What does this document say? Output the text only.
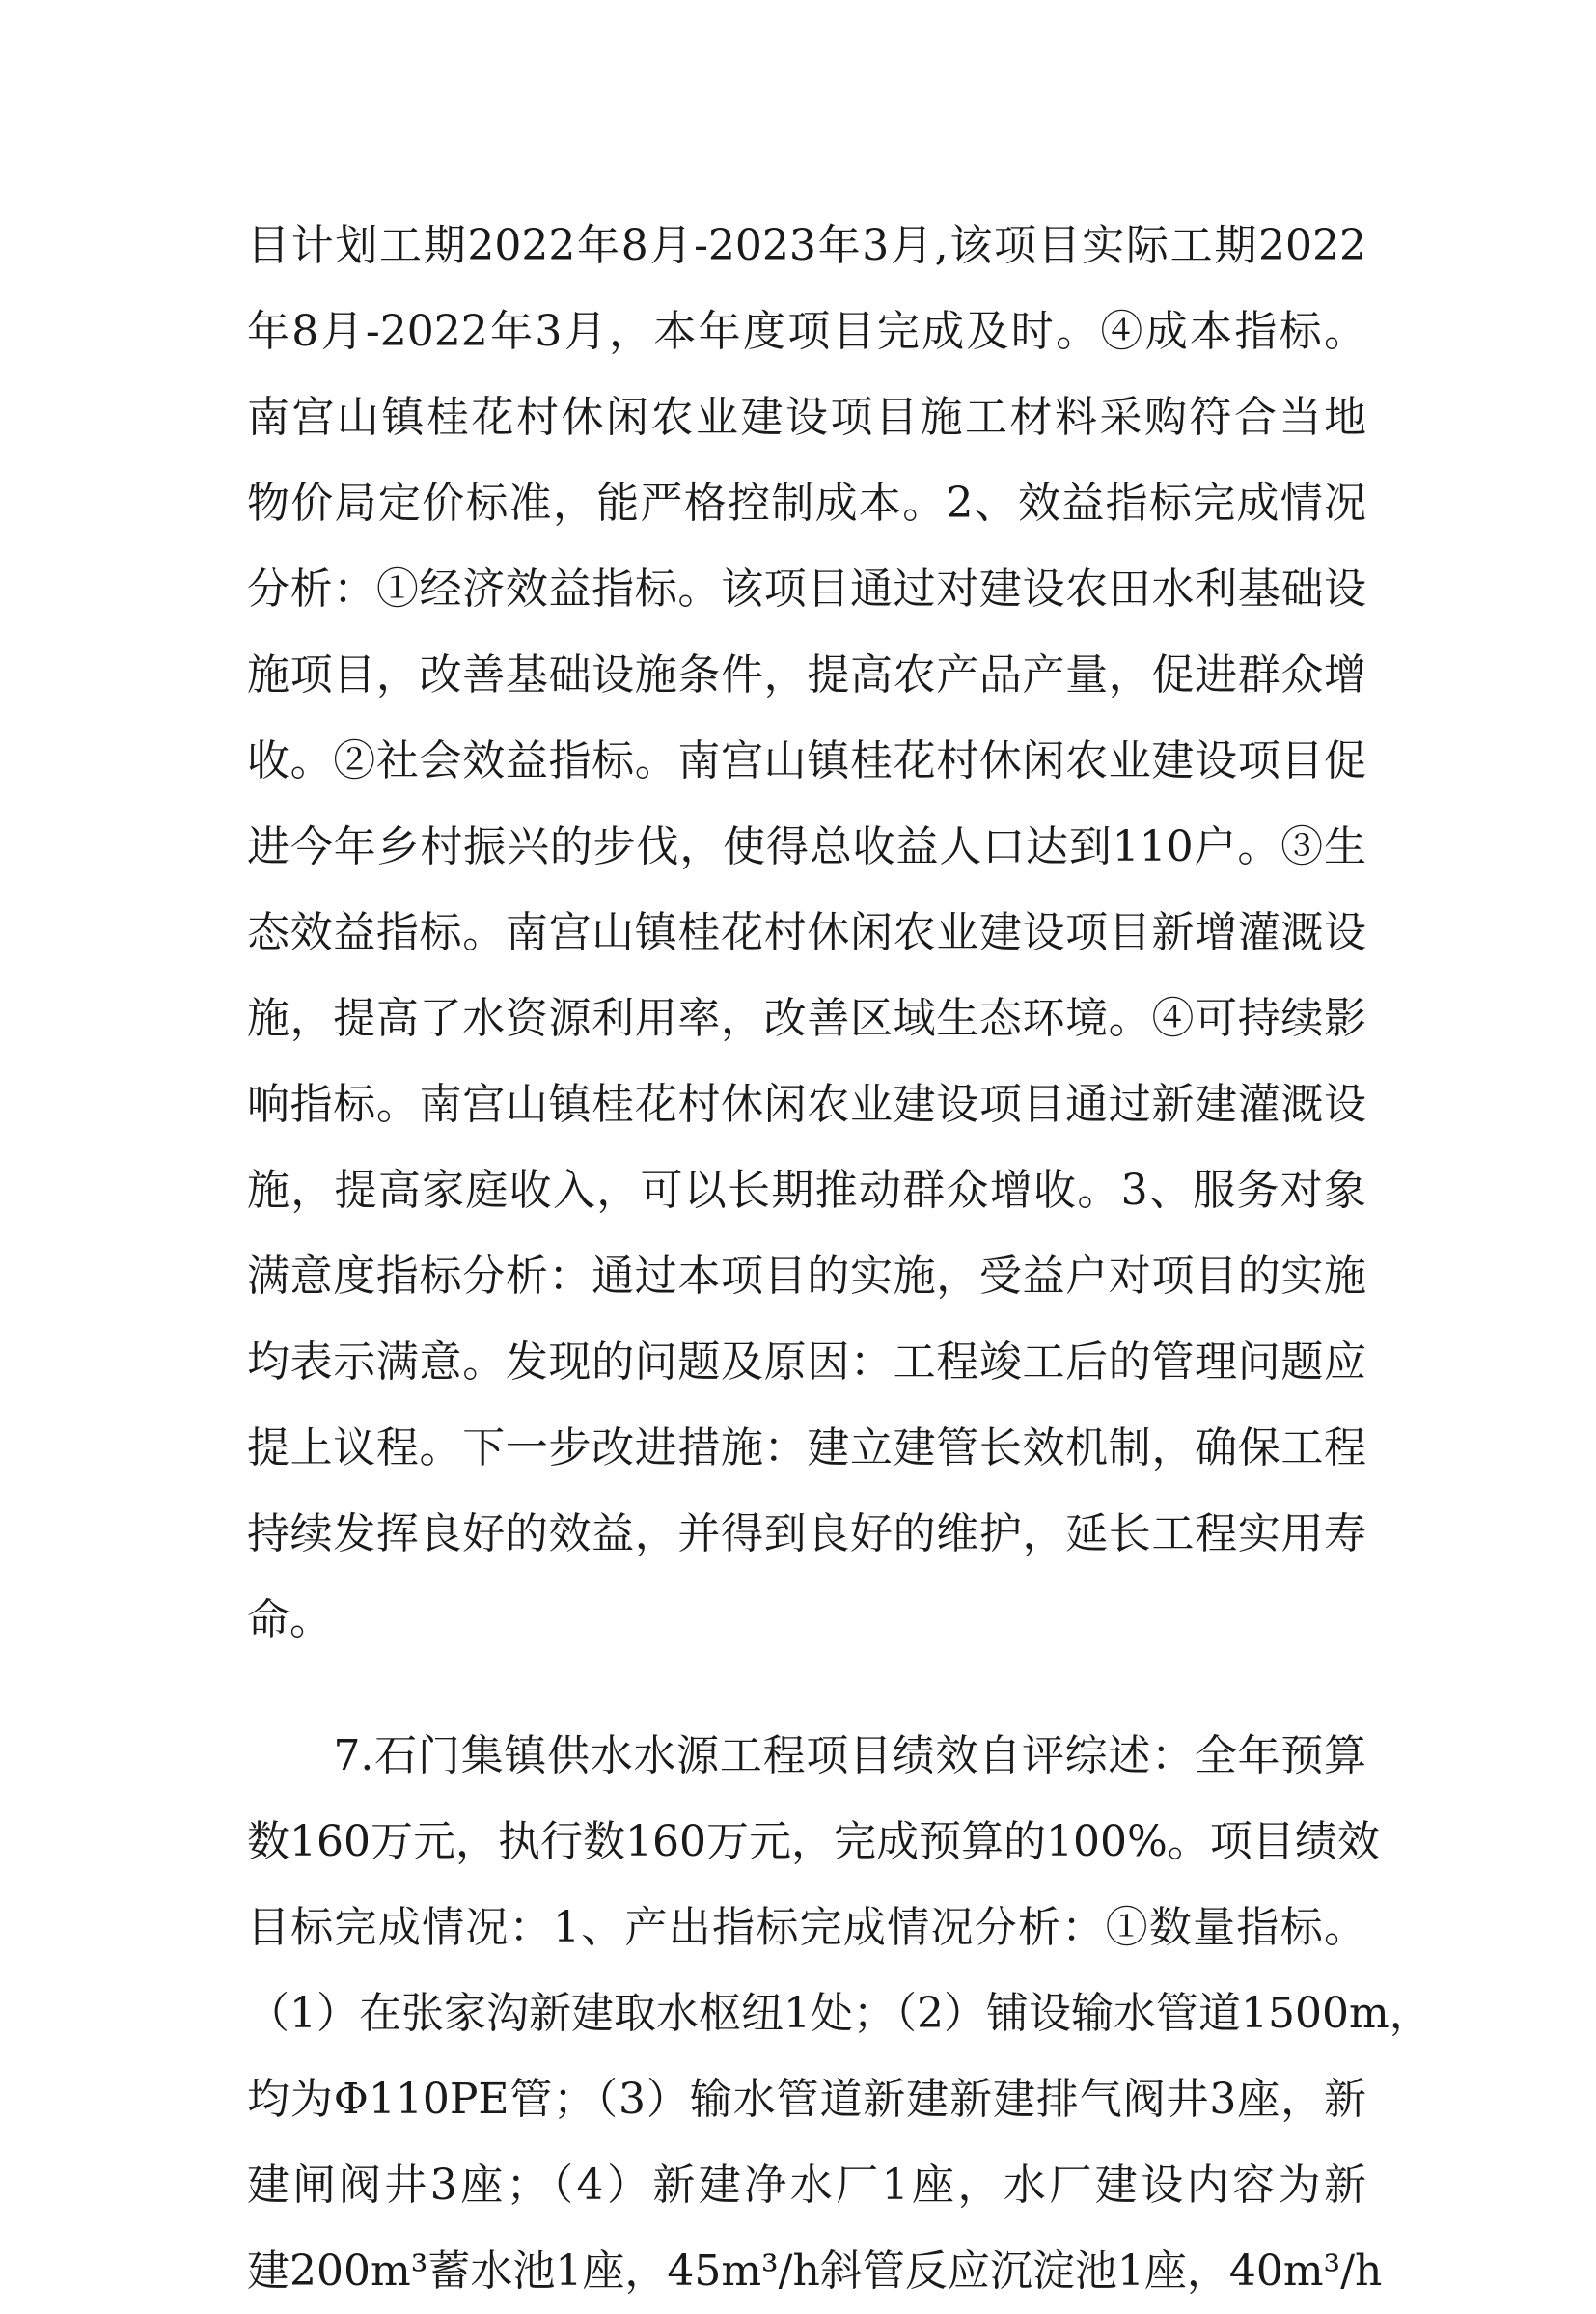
目计划工期2022年8月-2023年3月,该项目实际工期2022
年8月-2022年3月，本年度项目完成及时。④成本指标。
南宫山镇桂花村休闲农业建设项目施工材料采购符合当地
物价局定价标准，能严格控制成本。2、效益指标完成情况
分析：①经济效益指标。该项目通过对建设农田水利基础设
施项目，改善基础设施条件，提高农产品产量，促进群众增
收。②社会效益指标。南宫山镇桂花村休闲农业建设项目促
进今年乡村振兴的步伐，使得总收益人口达到110户。③生
态效益指标。南宫山镇桂花村休闲农业建设项目新增灌溉设
施，提高了水资源利用率，改善区域生态环境。④可持续影
响指标。南宫山镇桂花村休闲农业建设项目通过新建灌溉设
施，提高家庭收入，可以长期推动群众增收。3、服务对象
满意度指标分析：通过本项目的实施，受益户对项目的实施
均表示满意。发现的问题及原因：工程竣工后的管理问题应
提上议程。下一步改进措施：建立建管长效机制，确保工程
持续发挥良好的效益，并得到良好的维护，延长工程实用寿
命。
　　7.石门集镇供水水源工程项目绩效自评综述：全年预算
数160万元，执行数160万元，完成预算的100%。项目绩效
目标完成情况：1、产出指标完成情况分析：①数量指标。
（1）在张家沟新建取水枢纽1处；（2）铺设输水管道1500m，
均为Φ110PE管；（3）输水管道新建新建排气阀井3座，新
建闸阀井3座；（4）新建净水厂1座，水厂建设内容为新
建200m³蓄水池1座，45m³/h斜管反应沉淀池1座，40m³/h
